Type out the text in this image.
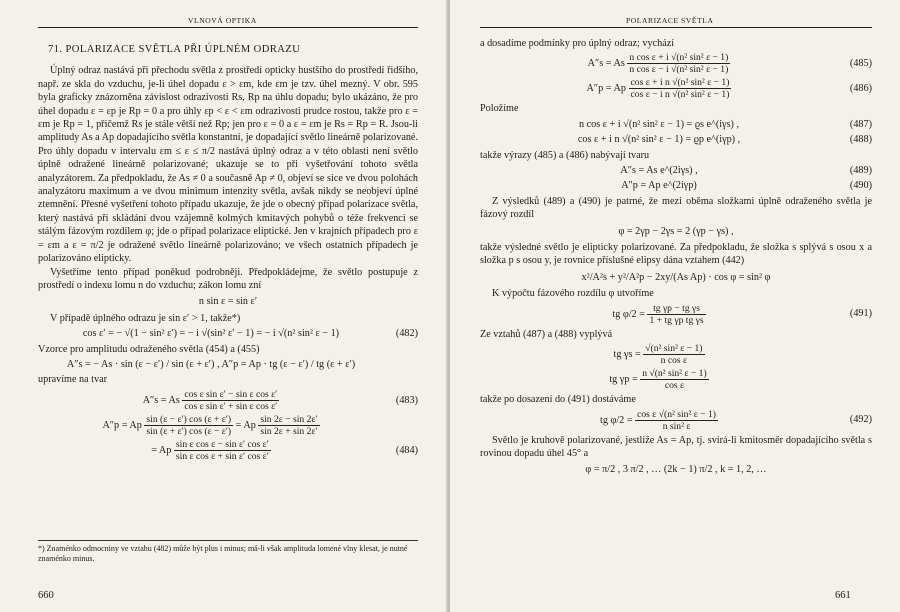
VLNOVÁ OPTIKA
71. POLARIZACE SVĚTLA PŘI ÚPLNÉM ODRAZU

Úplný odraz nastává při přechodu světla z prostředí opticky hustšího do prostředí řidšího, např. ze skla do vzduchu, je-li úhel dopadu ε > εm, kde εm je tzv. úhel mezný. V obr. 595 byla graficky znázorněna závislost odrazivosti Rs, Rp na úhlu dopadu; bylo ukázáno, že pro úhel dopadu ε = εp je Rp = 0 a pro úhly εp < ε < εm odrazivosti prudce rostou, takže pro ε = εm je Rp = 1, přičemž Rs je stále větší než Rp; jen pro ε = 0 a ε = εm je Rs = Rp = R. Jsou-li amplitudy As a Ap dopadajícího světla konstantní, je dopadající světlo lineárně polarizované. Pro úhly dopadu v intervalu εm ≤ ε ≤ π/2 nastává úplný odraz a v této oblasti není světlo úplně odražené lineárně polarizované; ukazuje se to při vyšetřování tohoto světla analyzátorem. Za předpokladu, že As ≠ 0 a současně Ap ≠ 0, objeví se sice ve dvou polohách analyzátoru maximum a ve dvou minimum intenzity světla, avšak nikdy se neobjeví úplné ztemnění. Přesné vyšetření tohoto případu ukazuje, že jde o obecný případ polarizace světla, který nastává při skládání dvou vzájemně kolmých kmitavých pohybů o téže frekvenci se stálým fázovým rozdílem φ; jde o případ polarizace eliptické. Jen v krajních případech pro ε = εm a ε = π/2 je odražené světlo lineárně polarizováno; ve všech ostatních případech je polarizováno elipticky.

Vyšetříme tento případ poněkud podrobněji. Předpokládejme, že světlo postupuje z prostředí o indexu lomu n do vzduchu; zákon lomu zní

n sin ε = sin ε′

V případě úplného odrazu je sin ε′ > 1, takže*)

cos ε′ = − √(1 − sin² ε′) = − i √(sin² ε′ − 1) = − i √(n² sin² ε − 1)	(482)

Vzorce pro amplitudu odraženého světla (454) a (455)

A″s = − As · sin (ε − ε′) / sin (ε + ε′) , A″p = Ap · tg (ε − ε′) / tg (ε + ε′)

upravíme na tvar

A″s = As $\frac{\text{cos ε sin ε′ − sin ε cos ε′}}{\text{cos ε sin ε′ + sin ε cos ε′}}$	(483)
A″p = Ap $\frac{\sin (\varepsilon - \varepsilon') \cos (\varepsilon + \varepsilon')}{\sin (\varepsilon + \varepsilon') \cos (\varepsilon - \varepsilon')} = Ap \frac{\sin 2\varepsilon - \sin 2\varepsilon'}{\sin 2\varepsilon + \sin 2\varepsilon'}$
= Ap $\frac{\text{sin ε cos ε − sin ε′ cos ε′}}{\text{sin ε cos ε + sin ε′ cos ε′}}$	(484)
*) Znaménko odmocniny ve vztahu (482) může být plus i minus; má-li však amplituda lomené vlny klesat, je nutné znaménko minus.
660
POLARIZACE SVĚTLA

a dosadíme podmínky pro úplný odraz; vychází

A″s = As $\frac{\text{n cos ε + i √(n² sin² ε − 1)}}{\text{n cos ε − i √(n² sin² ε − 1)}}$	(485)
A″p = Ap $\frac{\text{cos ε + i n √(n² sin² ε − 1)}}{\text{cos ε − i n √(n² sin² ε − 1)}}$	(486)

Položíme

n cos ε + i √(n² sin² ε − 1) = ϱs e^(iγs) ,	(487)
cos ε + i n √(n² sin² ε − 1) = ϱp e^(iγp) ,	(488)

takže výrazy (485) a (486) nabývají tvaru

A″s = As e^(2iγs) ,	(489)
A″p = Ap e^(2iγp)	(490)

Z výsledků (489) a (490) je patrné, že mezi oběma složkami úplně odraženého světla je fázový rozdíl

φ = 2γp − 2γs = 2 (γp − γs) ,

takže výsledné světlo je elipticky polarizované. Za předpokladu, že složka s splývá s osou x a složka p s osou y, je rovnice příslušné elipsy dána vztahem (442)

x²/A²s + y²/A²p − 2xy/(As Ap) · cos φ = sin² φ

K výpočtu fázového rozdílu φ utvoříme

tg $\varphi/2 = \frac{\text{tg γp − tg γs}}{\text{1 + tg γp tg γs}}$	(491)

Ze vztahů (487) a (488) vyplývá

tg $\gamma s = \frac{\text{√(n² sin² ε − 1)}}{\text{n cos ε}}$
tg $\gamma p = \frac{\text{n √(n² sin² ε − 1)}}{\text{cos ε}}$

takže po dosazení do (491) dostáváme

tg $\varphi/2 = \frac{\text{cos ε √(n² sin² ε − 1)}}{\text{n sin² ε}}$	(492)

Světlo je kruhově polarizované, jestliže As = Ap, tj. svírá-li kmitosměr dopadajícího světla s rovinou dopadu úhel 45° a

φ = π/2 , 3 π/2 , … (2k − 1) π/2 , k = 1, 2, …
661
